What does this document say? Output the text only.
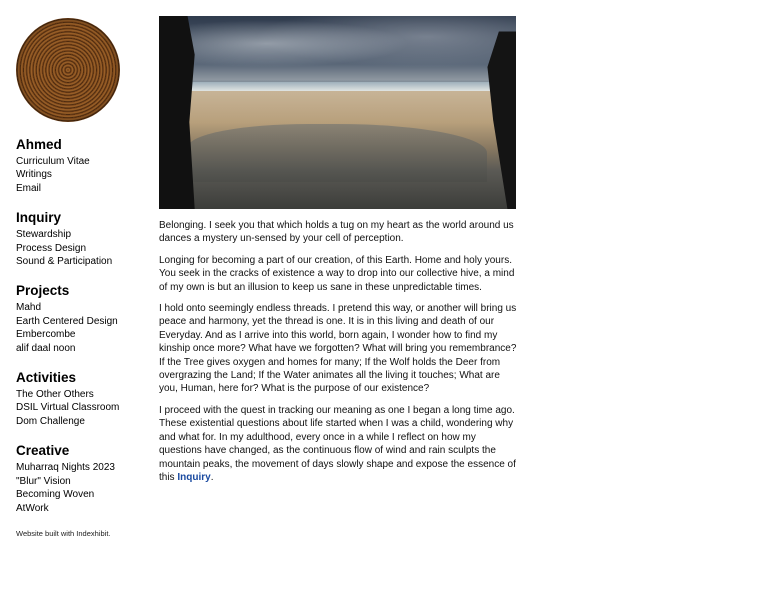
Ahmed
Curriculum Vitae
Writings
Email
Inquiry
Stewardship
Process Design
Sound & Participation
Projects
Mahd
Earth Centered Design
Embercombe
alif daal noon
Activities
The Other Others
DSIL Virtual Classroom
Dom Challenge
Creative
Muharraq Nights 2023
"Blur" Vision
Becoming Woven
AtWork
Website built with Indexhibit.

Belonging. I seek you that which holds a tug on my heart as the world around us dances a mystery un-sensed by your cell of perception.

Longing for becoming a part of our creation, of this Earth. Home and holy yours. You seek in the cracks of existence a way to drop into our collective hive, a mind of my own is but an illusion to keep us sane in these unpredictable times.

I hold onto seemingly endless threads. I pretend this way, or another will bring us peace and harmony, yet the thread is one. It is in this living and death of our Everyday. And as I arrive into this world, born again, I wonder how to find my kinship once more? What have we forgotten? What will bring you remembrance? If the Tree gives oxygen and homes for many; If the Wolf holds the Deer from overgrazing the Land; If the Water animates all the living it touches; What are you, Human, here for? What is the purpose of our existence?

I proceed with the quest in tracking our meaning as one I began a long time ago. These existential questions about life started when I was a child, wondering why and what for. In my adulthood, every once in a while I reflect on how my questions have changed, as the continuous flow of wind and rain sculpts the mountain peaks, the movement of days slowly shape and expose the essence of this Inquiry.
